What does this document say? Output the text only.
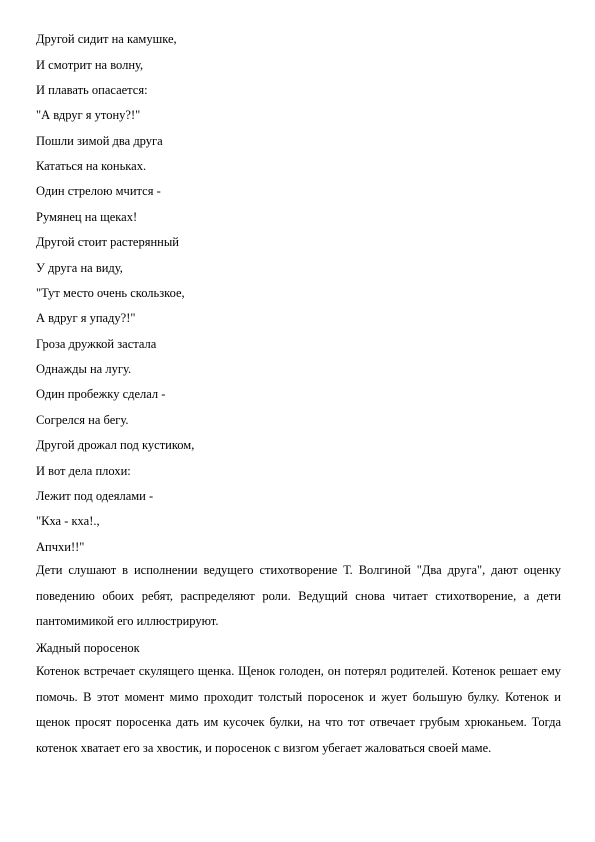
Другой сидит на камушке,
И смотрит на волну,
И плавать опасается:
"А вдруг я утону?!"
Пошли зимой два друга
Кататься на коньках.
Один стрелою мчится -
Румянец на щеках!
Другой стоит растерянный
У друга на виду,
"Тут место очень скользкое,
А вдруг я упаду?!"
Гроза дружкой застала
Однажды на лугу.
Один пробежку сделал -
Согрелся на бегу.
Другой дрожал под кустиком,
И вот дела плохи:
Лежит под одеялами -
"Кха - кха!.,
Апчхи!!"
Дети слушают в исполнении ведущего стихотворение Т. Волгиной "Два друга", дают оценку поведению обоих ребят, распределяют роли. Ведущий снова читает стихотворение, а дети пантомимикой его иллюстрируют.
Жадный поросенок
Котенок встречает скулящего щенка. Щенок голоден, он потерял родителей. Котенок решает ему помочь. В этот момент мимо проходит толстый поросенок и жует большую булку. Котенок и щенок просят поросенка дать им кусочек булки, на что тот отвечает грубым хрюканьем. Тогда котенок хватает его за хвостик, и поросенок с визгом убегает жаловаться своей маме.
